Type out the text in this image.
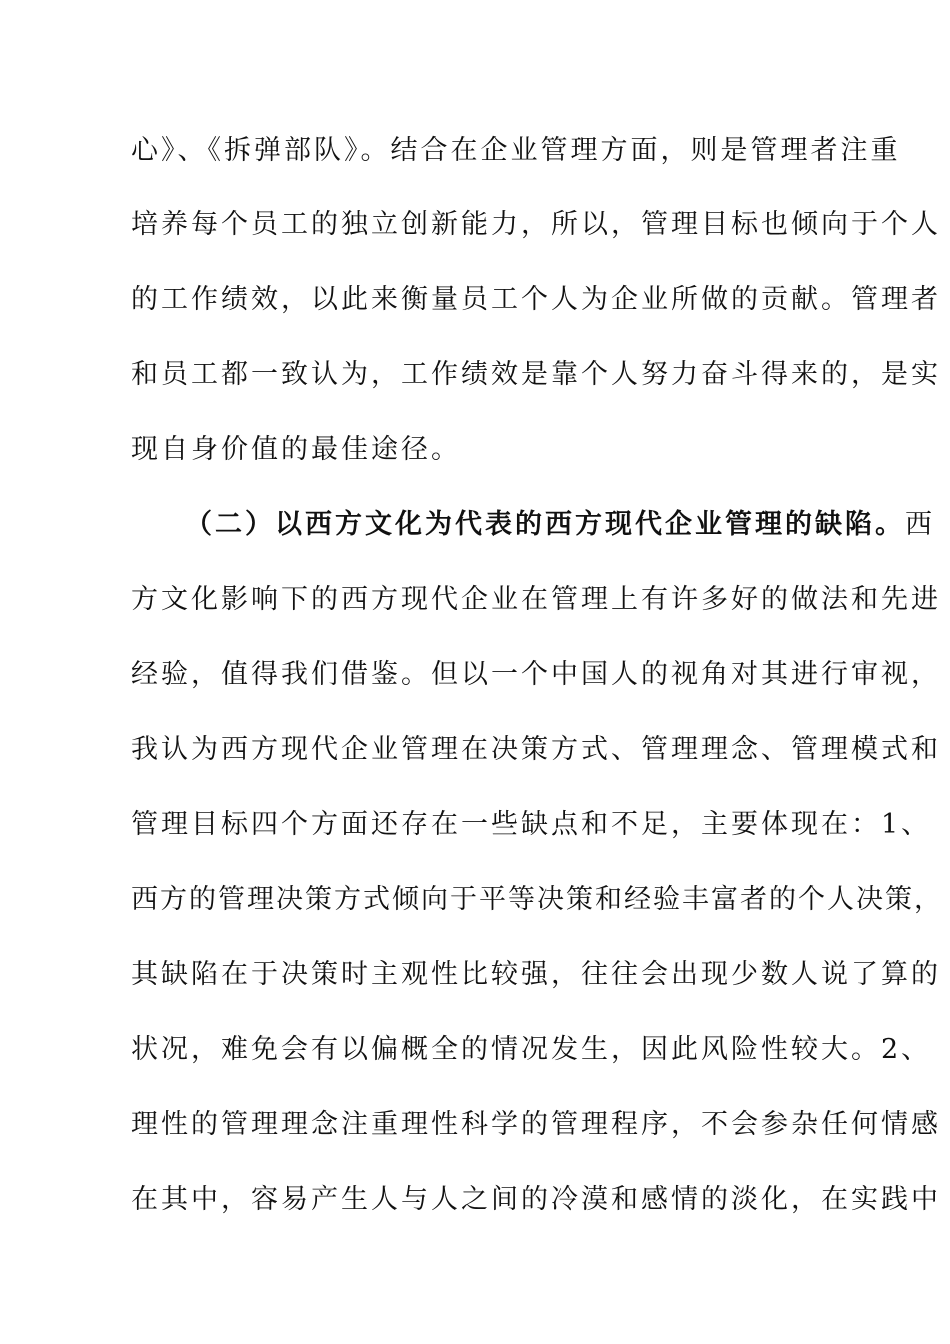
心》、《拆弹部队》。结合在企业管理方面，则是管理者注重
培养每个员工的独立创新能力，所以，管理目标也倾向于个人
的工作绩效，以此来衡量员工个人为企业所做的贡献。管理者
和员工都一致认为，工作绩效是靠个人努力奋斗得来的，是实
现自身价值的最佳途径。
（二）以西方文化为代表的西方现代企业管理的缺陷。西
方文化影响下的西方现代企业在管理上有许多好的做法和先进
经验，值得我们借鉴。但以一个中国人的视角对其进行审视，
我认为西方现代企业管理在决策方式、管理理念、管理模式和
管理目标四个方面还存在一些缺点和不足，主要体现在：1、
西方的管理决策方式倾向于平等决策和经验丰富者的个人决策，
其缺陷在于决策时主观性比较强，往往会出现少数人说了算的
状况，难免会有以偏概全的情况发生，因此风险性较大。2、
理性的管理理念注重理性科学的管理程序，不会参杂任何情感
在其中，容易产生人与人之间的冷漠和感情的淡化，在实践中
